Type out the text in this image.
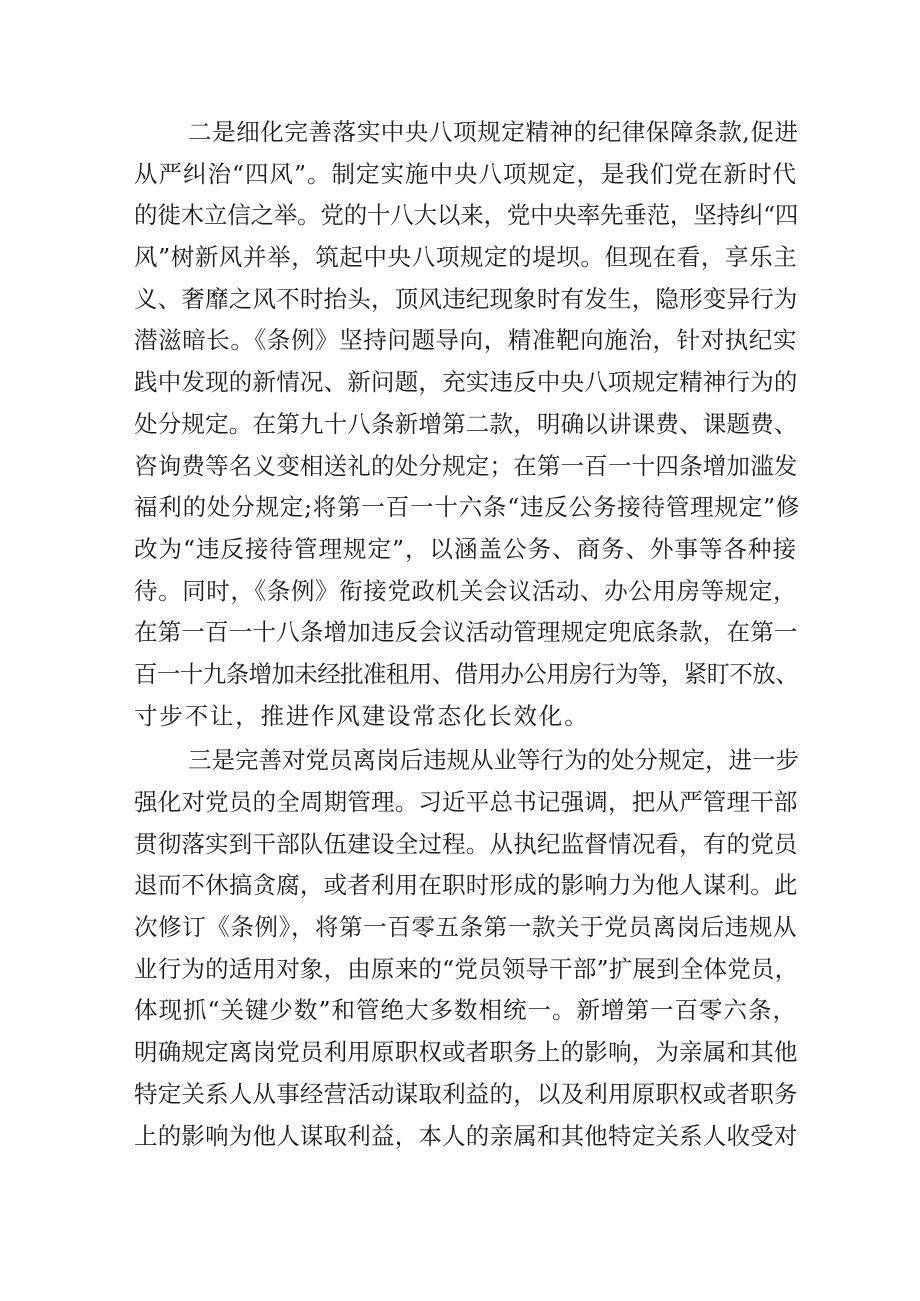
二是细化完善落实中央八项规定精神的纪律保障条款,促进
从严纠治“四风”。制定实施中央八项规定，是我们党在新时代
的徙木立信之举。党的十八大以来，党中央率先垂范，坚持纠“四
风”树新风并举，筑起中央八项规定的堤坝。但现在看，享乐主
义、奢靡之风不时抬头，顶风违纪现象时有发生，隐形变异行为
潜滋暗长。《条例》坚持问题导向，精准靶向施治，针对执纪实
践中发现的新情况、新问题，充实违反中央八项规定精神行为的
处分规定。在第九十八条新增第二款，明确以讲课费、课题费、
咨询费等名义变相送礼的处分规定；在第一百一十四条增加滥发
福利的处分规定;将第一百一十六条“违反公务接待管理规定”修
改为“违反接待管理规定”，以涵盖公务、商务、外事等各种接
待。同时，《条例》衔接党政机关会议活动、办公用房等规定，
在第一百一十八条增加违反会议活动管理规定兜底条款，在第一
百一十九条增加未经批准租用、借用办公用房行为等，紧盯不放、
寸步不让，推进作风建设常态化长效化。

三是完善对党员离岗后违规从业等行为的处分规定，进一步
强化对党员的全周期管理。习近平总书记强调，把从严管理干部
贯彻落实到干部队伍建设全过程。从执纪监督情况看，有的党员
退而不休搞贪腐，或者利用在职时形成的影响力为他人谋利。此
次修订《条例》，将第一百零五条第一款关于党员离岗后违规从
业行为的适用对象，由原来的“党员领导干部”扩展到全体党员，
体现抓“关键少数”和管绝大多数相统一。新增第一百零六条，
明确规定离岗党员利用原职权或者职务上的影响，为亲属和其他
特定关系人从事经营活动谋取利益的，以及利用原职权或者职务
上的影响为他人谋取利益，本人的亲属和其他特定关系人收受对
